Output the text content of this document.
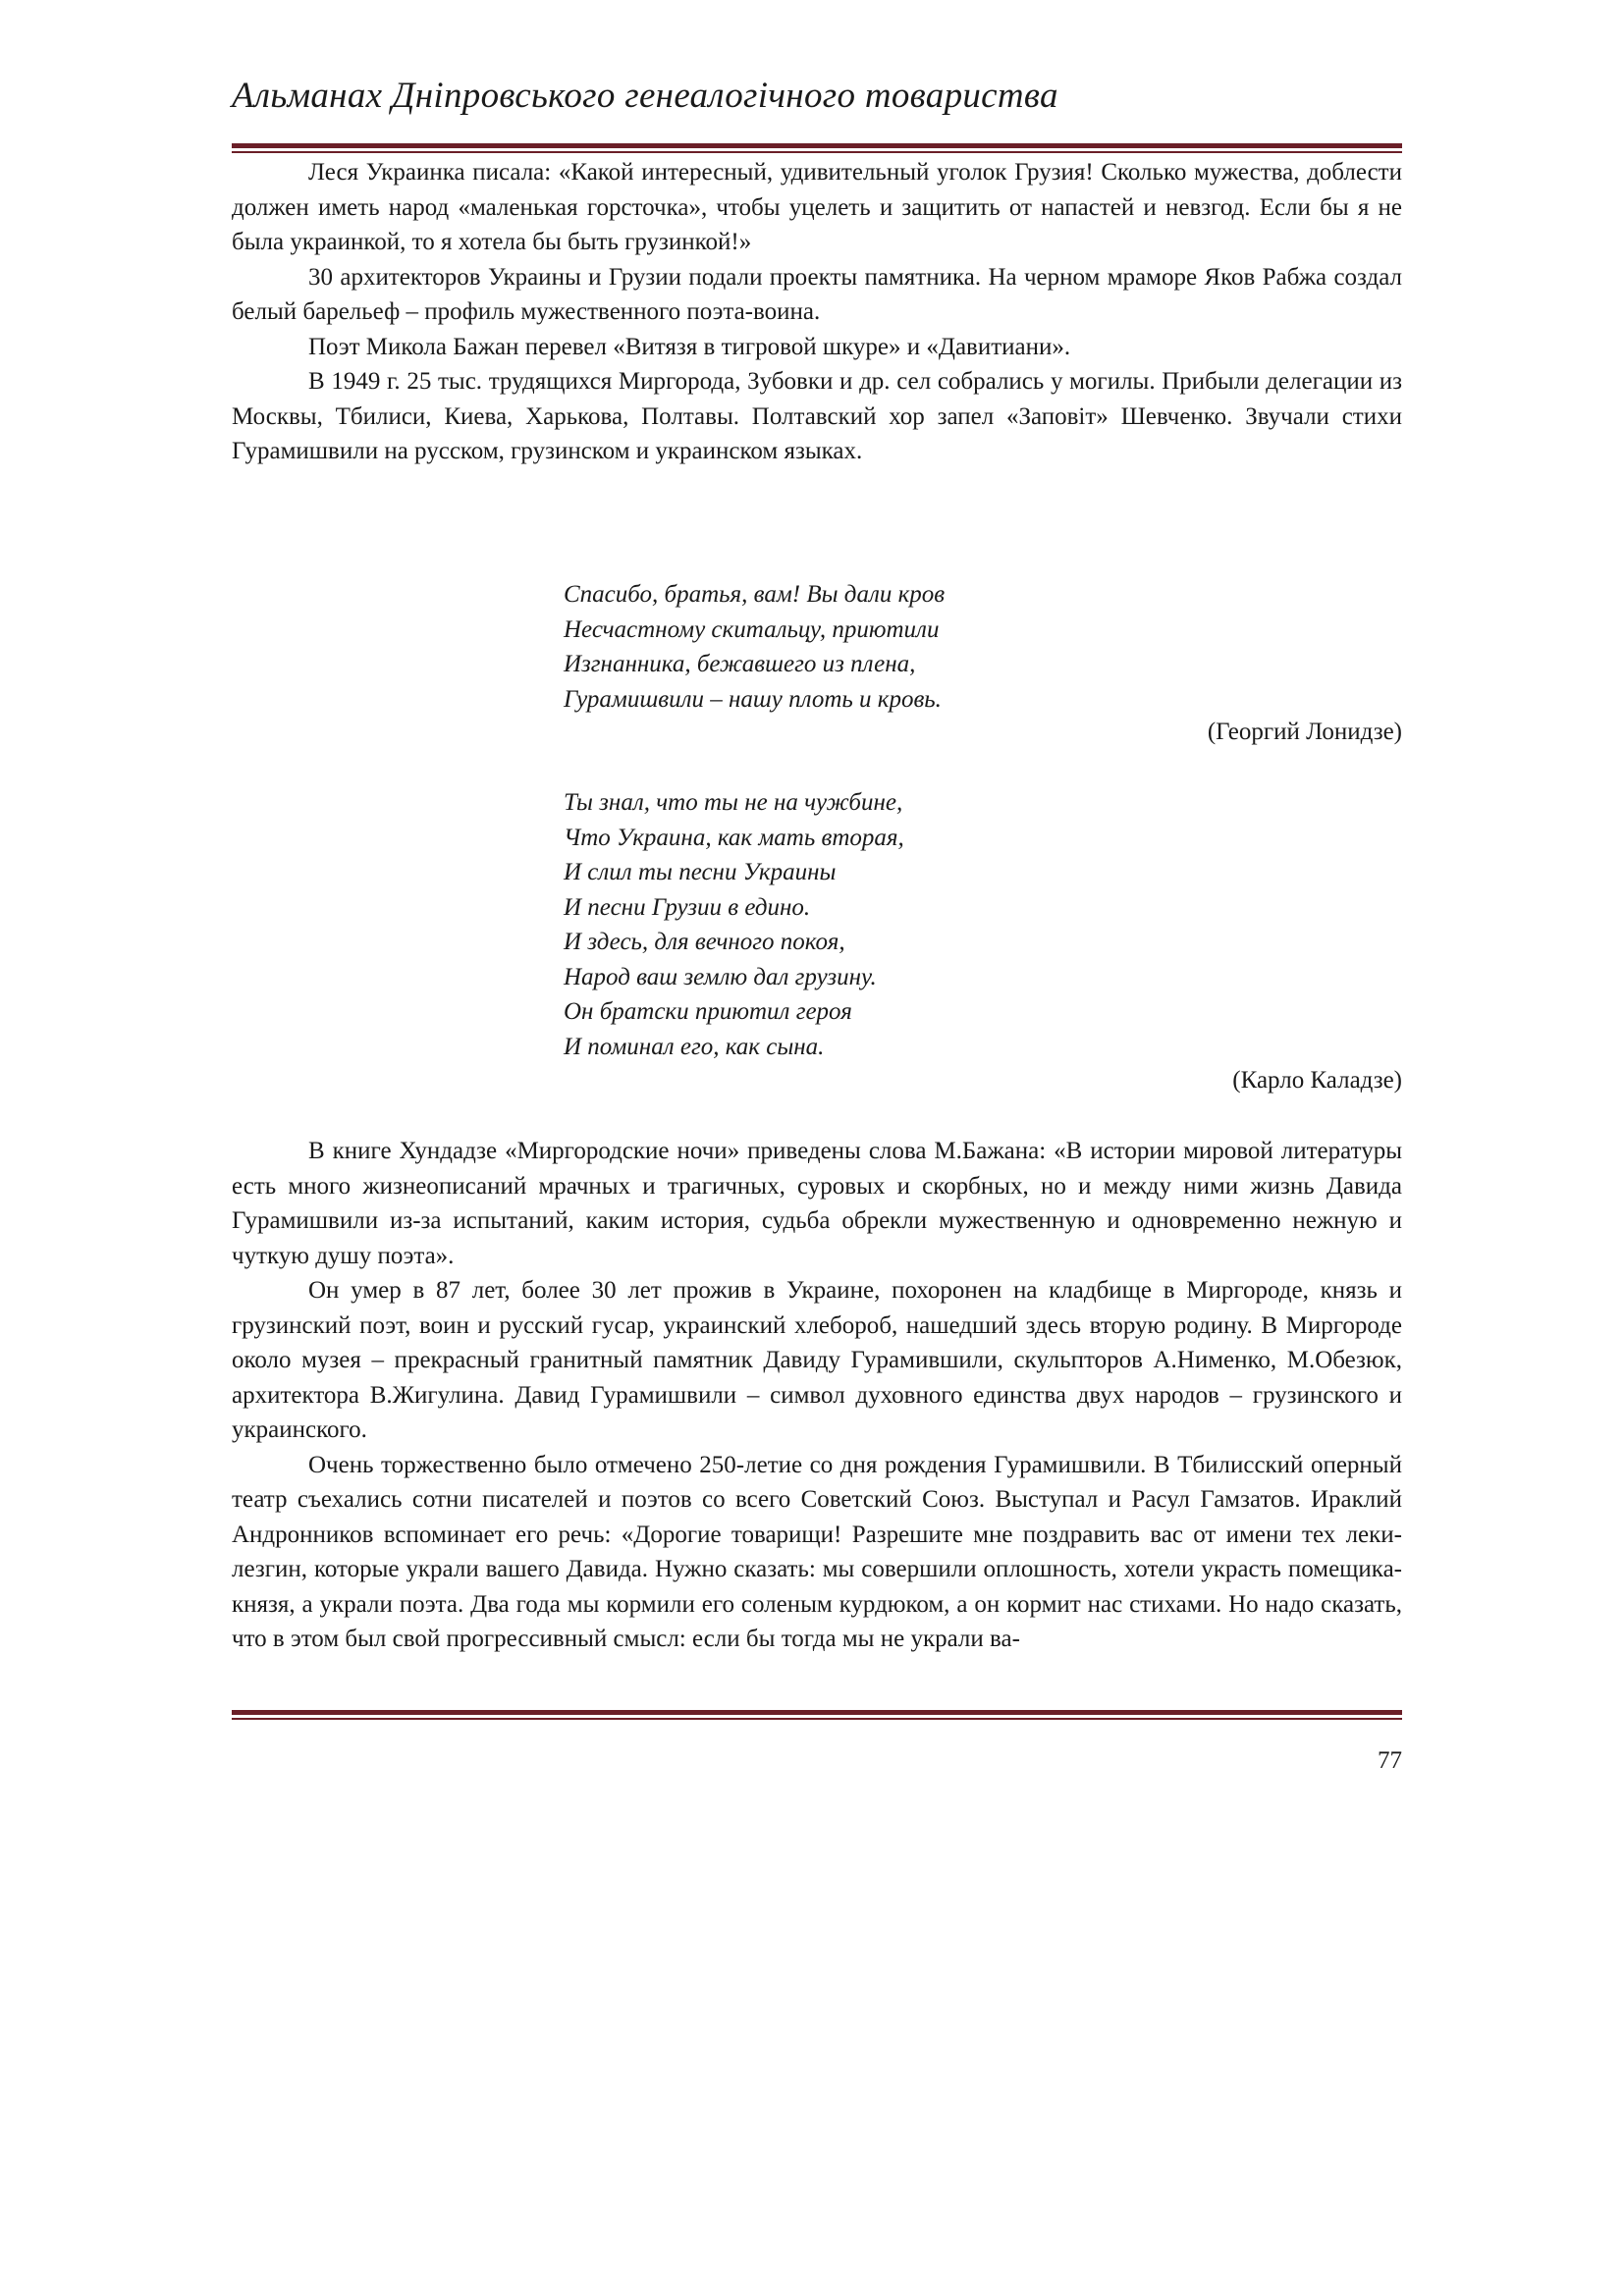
Альманах Дніпровського генеалогічного товариства

Леся Украинка писала: «Какой интересный, удивительный уголок Грузия! Сколько мужества, доблести должен иметь народ «маленькая горсточка», чтобы уцелеть и защитить от напастей и невзгод. Если бы я не была украинкой, то я хотела бы быть грузинкой!»

30 архитекторов Украины и Грузии подали проекты памятника. На черном мраморе Яков Рабжа создал белый барельеф – профиль мужественного поэта-воина.

Поэт Микола Бажан перевел «Витязя в тигровой шкуре» и «Давитиани».

В 1949 г. 25 тыс. трудящихся Миргорода, Зубовки и др. сел собрались у могилы. Прибыли делегации из Москвы, Тбилиси, Киева, Харькова, Полтавы. Полтавский хор запел «Заповіт» Шевченко. Звучали стихи Гурамишвили на русском, грузинском и украинском языках.

Спасибо, братья, вам! Вы дали кров
Несчастному скитальцу, приютили
Изгнанника, бежавшего из плена,
Гурамишвили – нашу плоть и кровь.
(Георгий Лонидзе)
Ты знал, что ты не на чужбине,
Что Украина, как мать вторая,
И слил ты песни Украины
И песни Грузии в едино.
И здесь, для вечного покоя,
Народ ваш землю дал грузину.
Он братски приютил героя
И поминал его, как сына.
(Карло Каладзе)

В книге Хундадзе «Миргородские ночи» приведены слова М.Бажана: «В истории мировой литературы есть много жизнеописаний мрачных и трагичных, суровых и скорбных, но и между ними жизнь Давида Гурамишвили из-за испытаний, каким история, судьба обрекли мужественную и одновременно нежную и чуткую душу поэта».

Он умер в 87 лет, более 30 лет прожив в Украине, похоронен на кладбище в Миргороде, князь и грузинский поэт, воин и русский гусар, украинский хлебороб, нашедший здесь вторую родину. В Миргороде около музея – прекрасный гранитный памятник Давиду Гурамившили, скульпторов А.Нименко, М.Обезюк, архитектора В.Жигулина. Давид Гурамишвили – символ духовного единства двух народов – грузинского и украинского.

Очень торжественно было отмечено 250-летие со дня рождения Гурамишвили. В Тбилисский оперный театр съехались сотни писателей и поэтов со всего Советский Союз. Выступал и Расул Гамзатов. Ираклий Андронников вспоминает его речь: «Дорогие товарищи! Разрешите мне поздравить вас от имени тех леки-лезгин, которые украли вашего Давида. Нужно сказать: мы совершили оплошность, хотели украсть помещика-князя, а украли поэта. Два года мы кормили его соленым курдюком, а он кормит нас стихами. Но надо сказать, что в этом был свой прогрессивный смысл: если бы тогда мы не украли ва-

77
